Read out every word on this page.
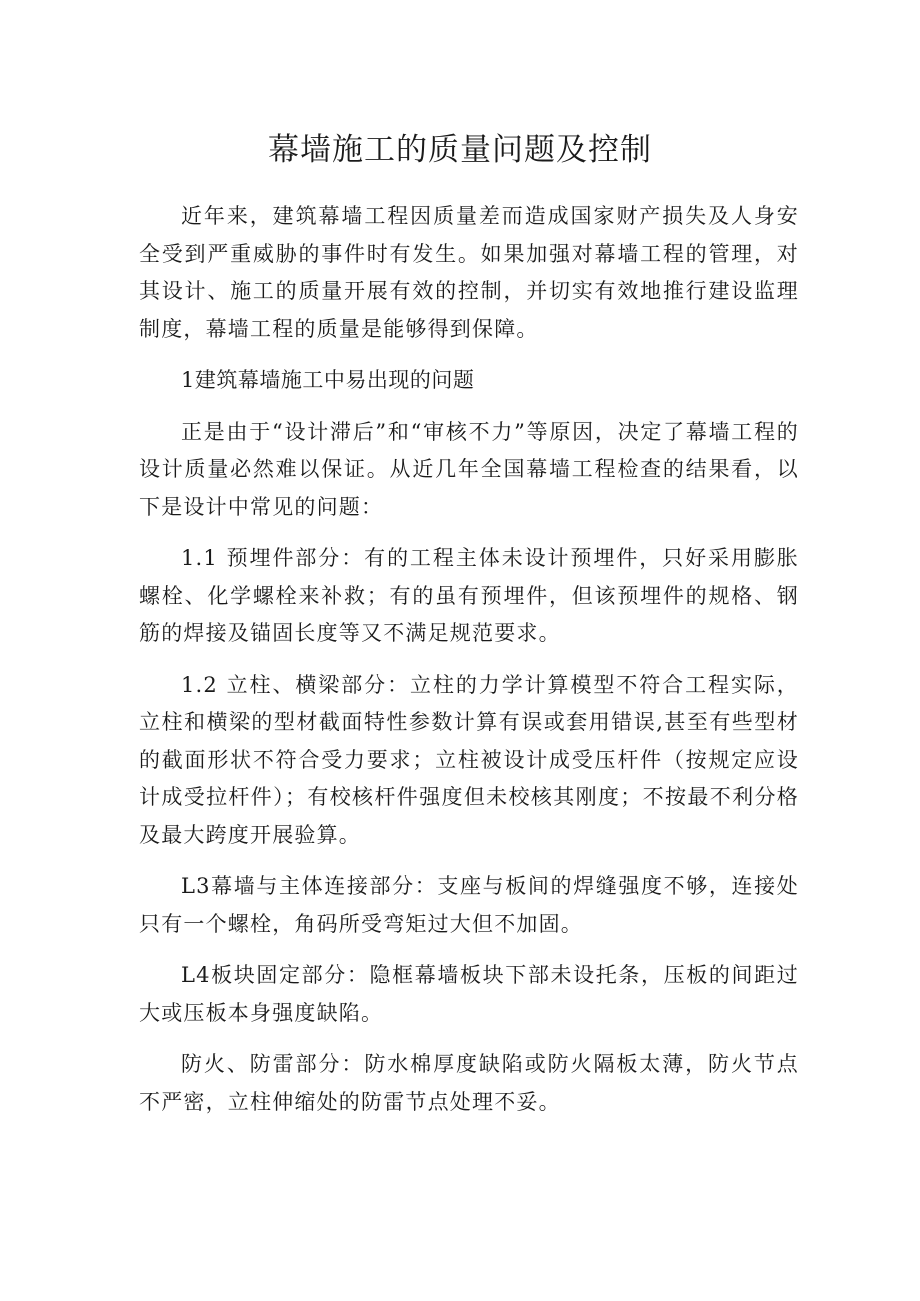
幕墙施工的质量问题及控制

近年来，建筑幕墙工程因质量差而造成国家财产损失及人身安全受到严重威胁的事件时有发生。如果加强对幕墙工程的管理，对其设计、施工的质量开展有效的控制，并切实有效地推行建设监理制度，幕墙工程的质量是能够得到保障。

1建筑幕墙施工中易出现的问题

正是由于“设计滞后”和“审核不力”等原因，决定了幕墙工程的设计质量必然难以保证。从近几年全国幕墙工程检查的结果看，以下是设计中常见的问题：

1.1 预埋件部分：有的工程主体未设计预埋件，只好采用膨胀螺栓、化学螺栓来补救；有的虽有预埋件，但该预埋件的规格、钢筋的焊接及锚固长度等又不满足规范要求。

1.2 立柱、横梁部分：立柱的力学计算模型不符合工程实际，立柱和横梁的型材截面特性参数计算有误或套用错误,甚至有些型材的截面形状不符合受力要求；立柱被设计成受压杆件（按规定应设计成受拉杆件）；有校核杆件强度但未校核其刚度；不按最不利分格及最大跨度开展验算。

L3幕墙与主体连接部分：支座与板间的焊缝强度不够，连接处只有一个螺栓，角码所受弯矩过大但不加固。

L4板块固定部分：隐框幕墙板块下部未设托条，压板的间距过大或压板本身强度缺陷。

防火、防雷部分：防水棉厚度缺陷或防火隔板太薄，防火节点不严密，立柱伸缩处的防雷节点处理不妥。
